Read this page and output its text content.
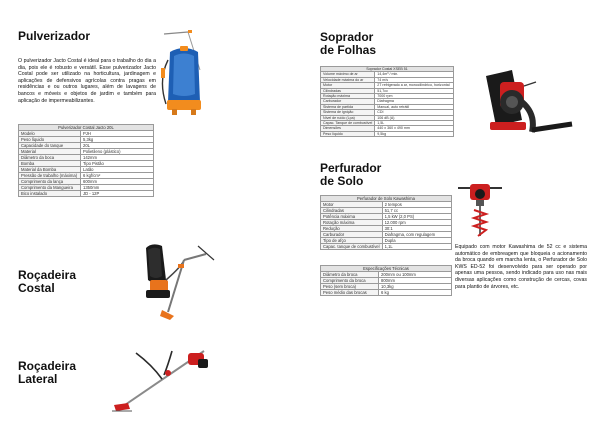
Pulverizador
O pulverizador Jacto Costal é ideal para o trabalho do dia a dia, pois ele é robusto e versátil. Esse pulverizador Jacto Costal pode ser utilizado na horticultura, jardinagem e aplicações de defensivos agrícolas contra pragas em residências e ou outros lugares, além de lavagens de bancos e móveis e objetos de jardim e também para aplicação de impermeabilizantes.
Pulverizador Costal Jacto 20L	
Modelo	PJH
Peso líquido	5,3kg
Capacidade do tanque	20L
Material	Polietileno (plástico)
Diâmetro da boca	142mm
Bomba	Tipo Pistão
Material da Bomba	Latão
Pressão de trabalho (máxima)	6 kgf/cm²
Comprimento da lança	600mm
Comprimento da Mangueira	1350mm
Bico instalado	JD - 12P
Roçadeira
Costal
Roçadeira
Lateral
Soprador
de Folhas
Soprador Costal XSEB 51	
Volume máximo de ar	14,4m³ / min.
Velocidade máxima do ar	74 m/s
Motor	2T refrigerado a ar, monocilíndrico, horizontal
Cilindradas	51,7cc
Rotação máxima	7000 rpm
Carburador	Diafragma
Sistema de partida	Manual, auto retrátil
Sistema de ignição	CDI
Nível de ruído (Lpa)	106 dB (A)
Capac. Tanque de combustível	1,5L
Dimensões	440 x 360 x 490 mm
Peso líquido	9,5kg
Perfurador
de Solo
Perfurador de Solo Kawashima	
Motor	2 tempos
Cilindradas	51,7 cc
Potência máxima	1,5 kW (2,0 PS)
Rotação máxima	12.000 rpm
Redução	30:1
Carburador	Diafragma, com regulagem
Tipo de afço	Dupla
Capac. tanque de combustível	1,1L
Especificações Técnicas	
Diâmetro da broca	200mm ou 100mm
Comprimento da broca	800mm
Peso (sem broca)	10,3kg
Peso médio das brocas	6 kg
Equipado com motor Kawashima de 52 cc e sistema automático de embreagem que bloqueia o acionamento da broca quando em marcha lenta, o Perfurador de Solo KWS ED-52 foi desenvolvido para ser operado por apenas uma pessoa, sendo indicado para uso nas mais diversas aplicações como construção de cercas, covas para plantio de árvores, etc.
